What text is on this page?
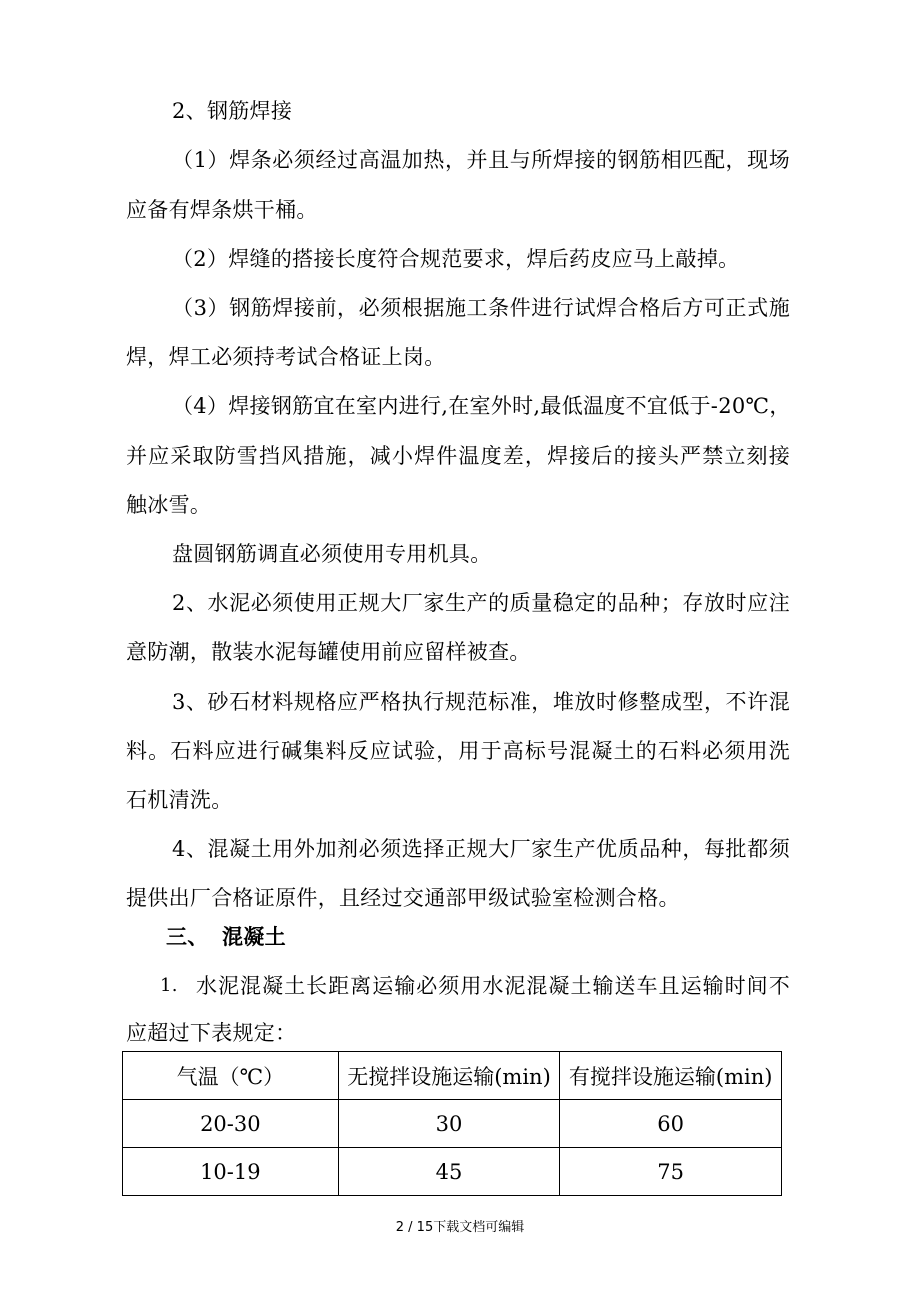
2、钢筋焊接
（1）焊条必须经过高温加热，并且与所焊接的钢筋相匹配，现场
应备有焊条烘干桶。
（2）焊缝的搭接长度符合规范要求，焊后药皮应马上敲掉。
（3）钢筋焊接前，必须根据施工条件进行试焊合格后方可正式施
焊，焊工必须持考试合格证上岗。
（4）焊接钢筋宜在室内进行,在室外时,最低温度不宜低于-20℃，
并应采取防雪挡风措施，减小焊件温度差，焊接后的接头严禁立刻接
触冰雪。
盘圆钢筋调直必须使用专用机具。
2、水泥必须使用正规大厂家生产的质量稳定的品种；存放时应注
意防潮，散装水泥每罐使用前应留样被查。
3、砂石材料规格应严格执行规范标准，堆放时修整成型，不许混
料。石料应进行碱集料反应试验，用于高标号混凝土的石料必须用洗
石机清洗。
4、混凝土用外加剂必须选择正规大厂家生产优质品种，每批都须
提供出厂合格证原件，且经过交通部甲级试验室检测合格。
三、 混凝土
1. 水泥混凝土长距离运输必须用水泥混凝土输送车且运输时间不
应超过下表规定：
气温（℃）	无搅拌设施运输(min)	有搅拌设施运输(min)
20-30	30	60
10-19	45	75
2 / 15下载文档可编辑
